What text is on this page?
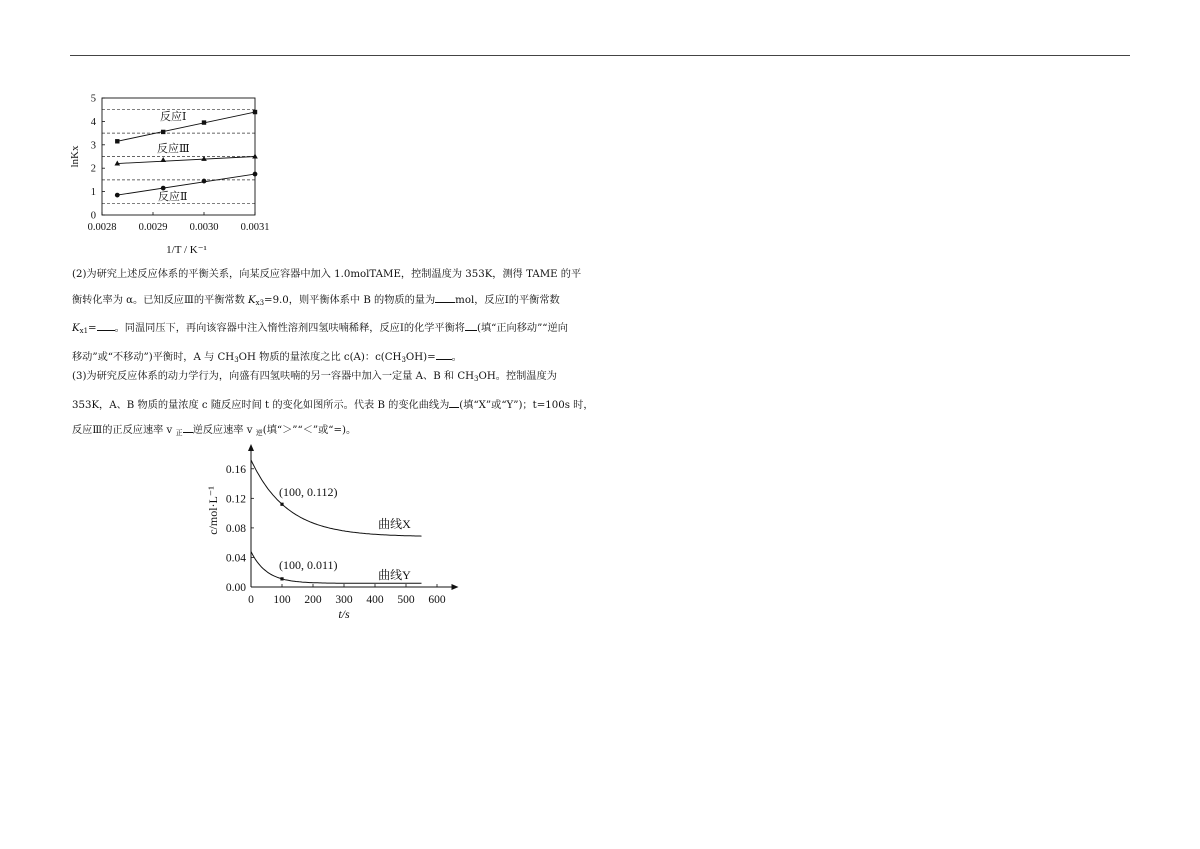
0
1
2
3
4
5
0.0028 0.0029 0.0030 0.0031
lnKx
1/T / K⁻¹
反应Ⅰ
反应Ⅲ
反应Ⅱ

(2)为研究上述反应体系的平衡关系，向某反应容器中加入 1.0molTAME，控制温度为 353K，测得 TAME 的平
衡转化率为 α。已知反应Ⅲ的平衡常数 $K_{x3}=9.0$，则平衡体系中 B 的物质的量为 mol，反应Ⅰ的平衡常数
$K_{x1}=$ 。同温同压下，再向该容器中注入惰性溶剂四氢呋喃稀释，反应Ⅰ的化学平衡将 (填“正向移动”“逆向
移动”或“不移动”)平衡时，A 与 $CH_3OH$ 物质的量浓度之比 c(A)：$c(CH_3OH)=$ 。

(3)为研究反应体系的动力学行为，向盛有四氢呋喃的另一容器中加入一定量 A、B 和 $CH_3OH$。控制温度为
353K，A、B 物质的量浓度 c 随反应时间 t 的变化如图所示。代表 B 的变化曲线为 (填“X”或“Y”)；t=100s 时，
反应Ⅲ的正反应速率 v $_正$ 逆反应速率 v $_逆$(填“＞”“＜”或“=)。

0.00
0.04
0.08
0.12
0.16
0 100 200 300 400 500 600
c/mol·L⁻¹
t/s
曲线X
曲线Y
(100, 0.112)
(100, 0.011)
